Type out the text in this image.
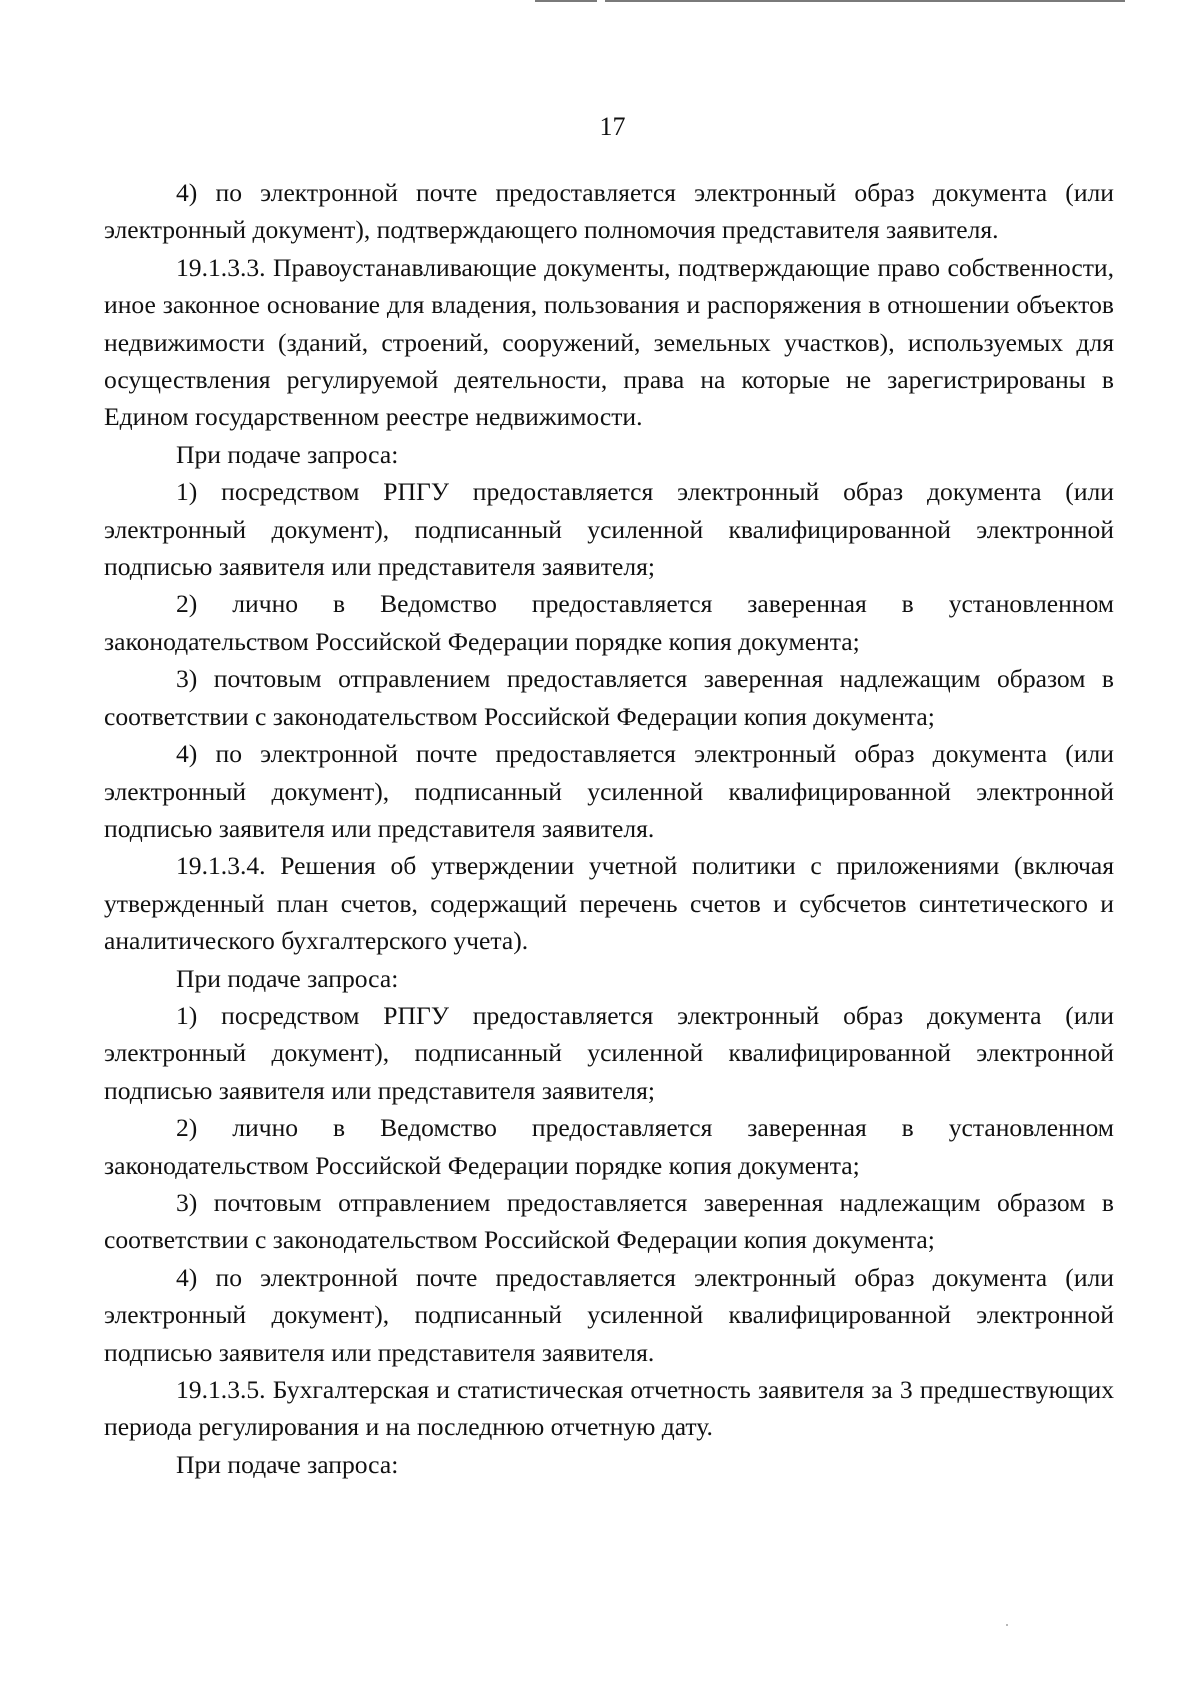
17

4) по электронной почте предоставляется электронный образ документа (или электронный документ), подтверждающего полномочия представителя заявителя.

19.1.3.3. Правоустанавливающие документы, подтверждающие право собственности, иное законное основание для владения, пользования и распоряжения в отношении объектов недвижимости (зданий, строений, сооружений, земельных участков), используемых для осуществления регулируемой деятельности, права на которые не зарегистрированы в Едином государственном реестре недвижимости.

При подаче запроса:

1) посредством РПГУ предоставляется электронный образ документа (или электронный документ), подписанный усиленной квалифицированной электронной подписью заявителя или представителя заявителя;

2) лично в Ведомство предоставляется заверенная в установленном законодательством Российской Федерации порядке копия документа;

3) почтовым отправлением предоставляется заверенная надлежащим образом в соответствии с законодательством Российской Федерации копия документа;

4) по электронной почте предоставляется электронный образ документа (или электронный документ), подписанный усиленной квалифицированной электронной подписью заявителя или представителя заявителя.

19.1.3.4. Решения об утверждении учетной политики с приложениями (включая утвержденный план счетов, содержащий перечень счетов и субсчетов синтетического и аналитического бухгалтерского учета).

При подаче запроса:

1) посредством РПГУ предоставляется электронный образ документа (или электронный документ), подписанный усиленной квалифицированной электронной подписью заявителя или представителя заявителя;

2) лично в Ведомство предоставляется заверенная в установленном законодательством Российской Федерации порядке копия документа;

3) почтовым отправлением предоставляется заверенная надлежащим образом в соответствии с законодательством Российской Федерации копия документа;

4) по электронной почте предоставляется электронный образ документа (или электронный документ), подписанный усиленной квалифицированной электронной подписью заявителя или представителя заявителя.

19.1.3.5. Бухгалтерская и статистическая отчетность заявителя за 3 предшествующих периода регулирования и на последнюю отчетную дату.

При подаче запроса:
